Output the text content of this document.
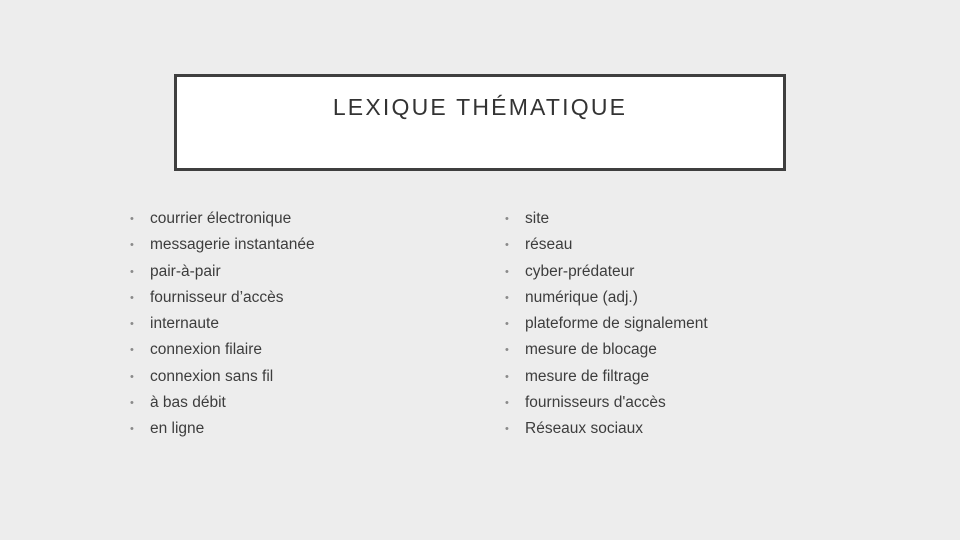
LEXIQUE THÉMATIQUE
•	courrier électronique
•	messagerie instantanée
•	pair-à-pair
•	fournisseur d’accès
•	internaute
•	connexion filaire
•	connexion sans fil
•	à bas débit
•	en ligne
•	site
•	réseau
•	cyber-prédateur
•	numérique (adj.)
•	plateforme de signalement
•	mesure de blocage
•	mesure de filtrage
•	fournisseurs d'accès
•	Réseaux sociaux
